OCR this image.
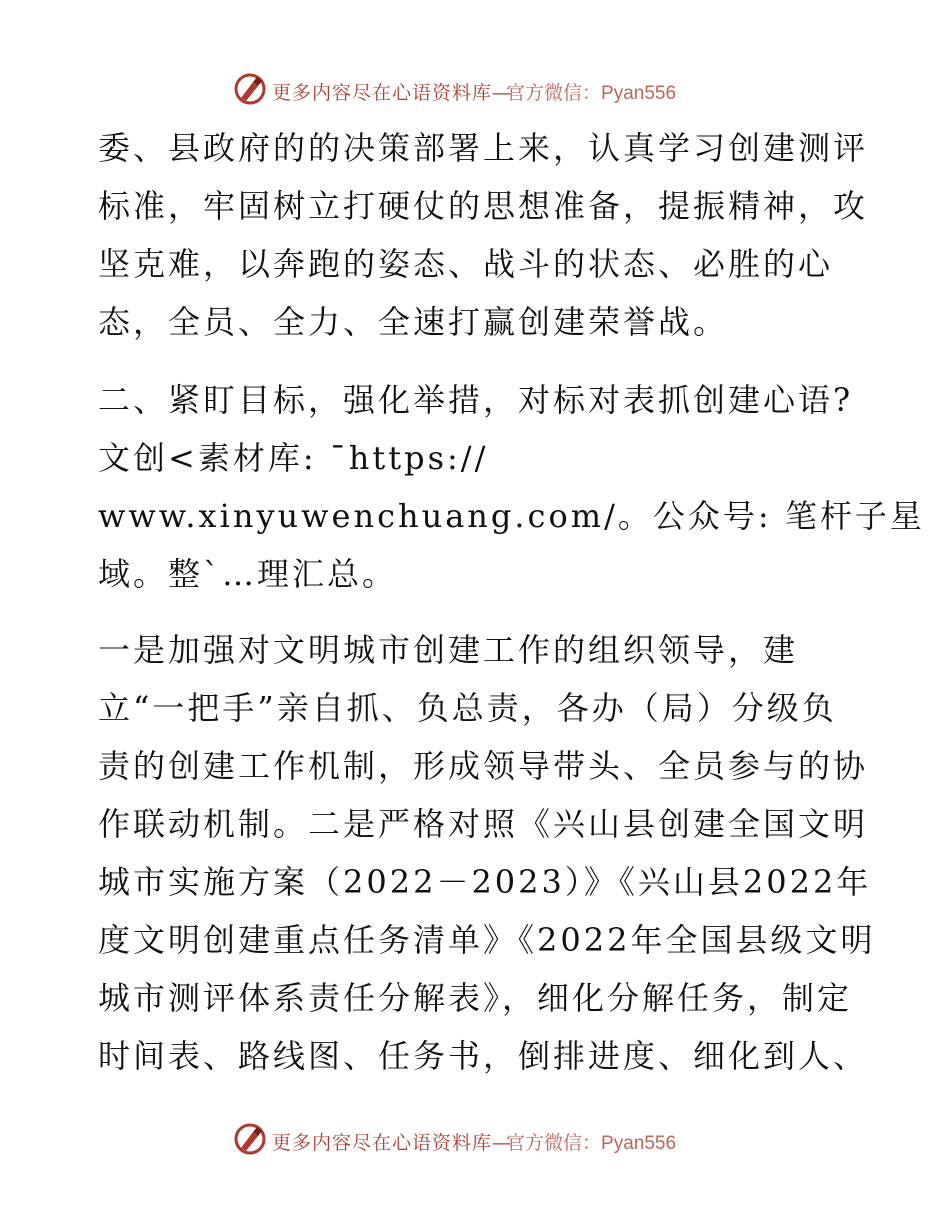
更多内容尽在心语资料库—
官方微信：Pyan556
委、县政府的的决策部署上来，认真学习创建测评
标准，牢固树立打硬仗的思想准备，提振精神，攻
坚克难，以奔跑的姿态、战斗的状态、必胜的心
态，全员、全力、全速打赢创建荣誉战。
二、紧盯目标，强化举措，对标对表抓创建心语?
文创<素材库: ¯https://
www.xinyuwenchuang.com/。公众号: 笔杆子星
域。整`…理汇总。
一是加强对文明城市创建工作的组织领导，建
立“一把手”亲自抓、负总责，各办（局）分级负
责的创建工作机制，形成领导带头、全员参与的协
作联动机制。二是严格对照《兴山县创建全国文明
城市实施方案（2022－2023）》《兴山县2022年
度文明创建重点任务清单》《2022年全国县级文明
城市测评体系责任分解表》，细化分解任务，制定
时间表、路线图、任务书，倒排进度、细化到人、
更多内容尽在心语资料库—
官方微信：Pyan556
